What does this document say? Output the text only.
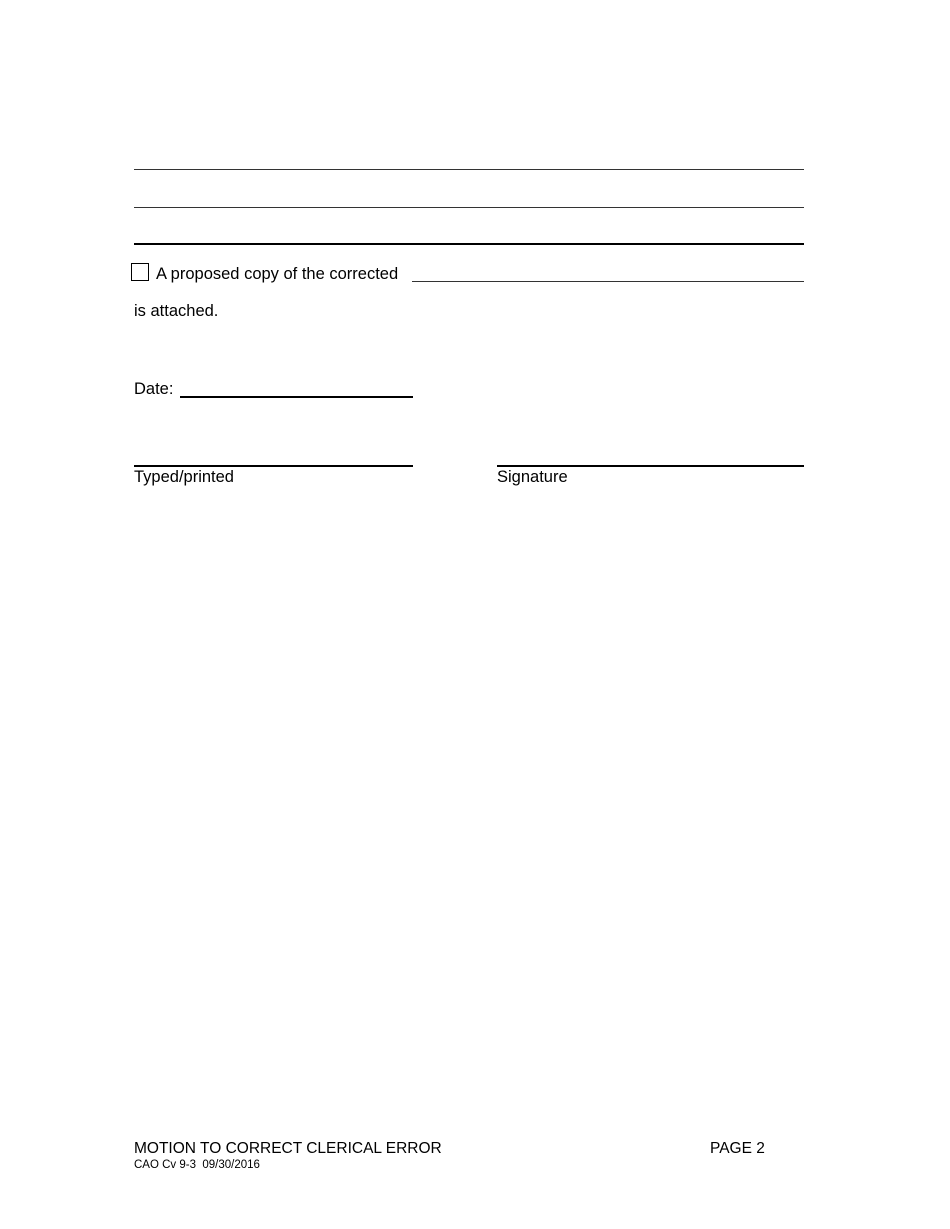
A proposed copy of the corrected
is attached.
Date:
Typed/printed	Signature
MOTION TO CORRECT CLERICAL ERROR	PAGE 2
CAO Cv 9-3  09/30/2016
